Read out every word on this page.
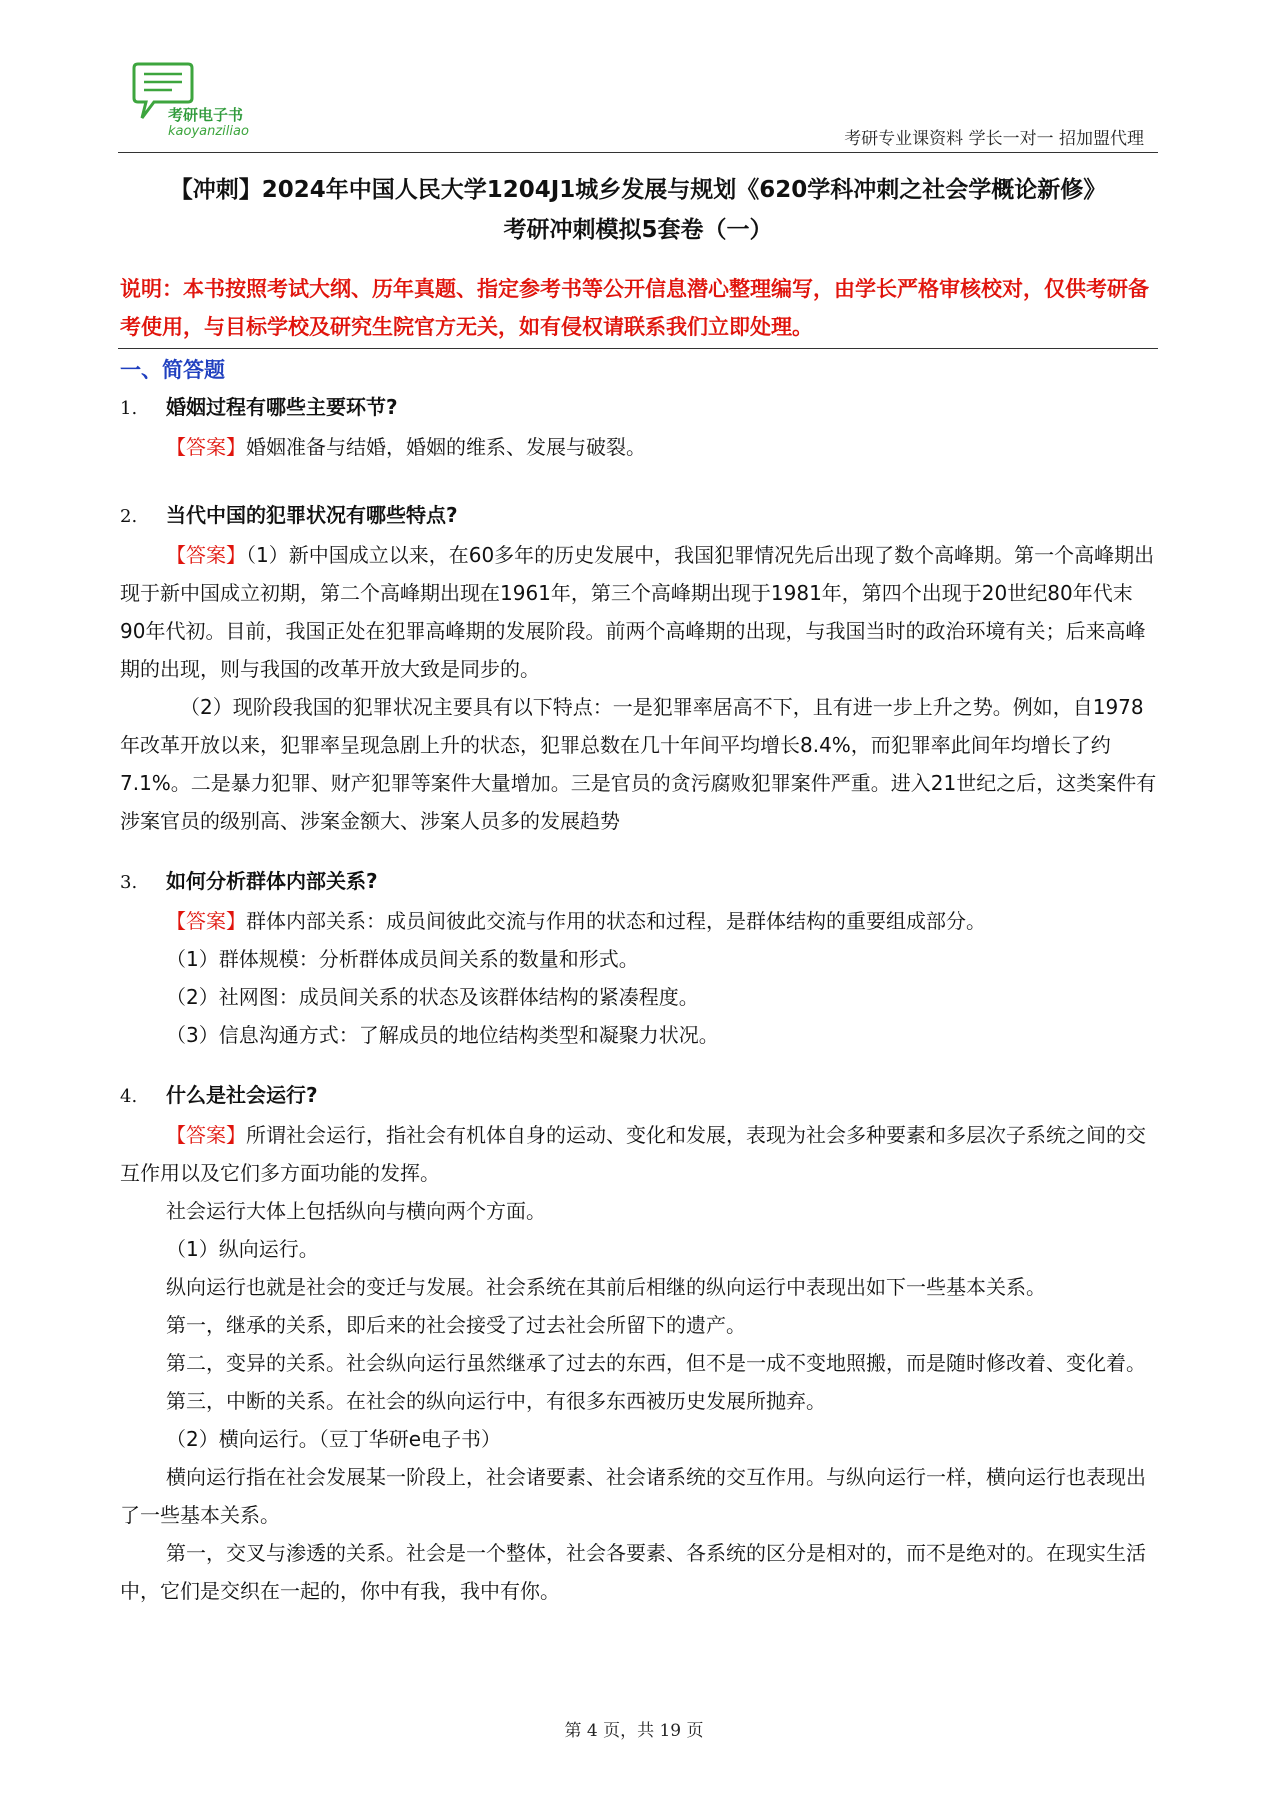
考研电子书
kaoyanziliao	考研专业课资料 学长一对一 招加盟代理
【冲刺】2024年中国人民大学1204J1城乡发展与规划《620学科冲刺之社会学概论新修》
考研冲刺模拟5套卷（一）
说明：本书按照考试大纲、历年真题、指定参考书等公开信息潜心整理编写，由学长严格审核校对，仅供考研备考使用，与目标学校及研究生院官方无关，如有侵权请联系我们立即处理。
一、简答题

1. 婚姻过程有哪些主要环节?

【答案】婚姻准备与结婚，婚姻的维系、发展与破裂。

2. 当代中国的犯罪状况有哪些特点?

【答案】（1）新中国成立以来，在60多年的历史发展中，我国犯罪情况先后出现了数个高峰期。第一个高峰期出现于新中国成立初期，第二个高峰期出现在1961年，第三个高峰期出现于1981年，第四个出现于20世纪80年代末90年代初。目前，我国正处在犯罪高峰期的发展阶段。前两个高峰期的出现，与我国当时的政治环境有关；后来高峰期的出现，则与我国的改革开放大致是同步的。

（2）现阶段我国的犯罪状况主要具有以下特点：一是犯罪率居高不下，且有进一步上升之势。例如，自1978年改革开放以来，犯罪率呈现急剧上升的状态，犯罪总数在几十年间平均增长8.4%，而犯罪率此间年均增长了约7.1%。二是暴力犯罪、财产犯罪等案件大量增加。三是官员的贪污腐败犯罪案件严重。进入21世纪之后，这类案件有涉案官员的级别高、涉案金额大、涉案人员多的发展趋势

3. 如何分析群体内部关系?

【答案】群体内部关系：成员间彼此交流与作用的状态和过程，是群体结构的重要组成部分。

（1）群体规模：分析群体成员间关系的数量和形式。

（2）社网图：成员间关系的状态及该群体结构的紧凑程度。

（3）信息沟通方式：了解成员的地位结构类型和凝聚力状况。

4. 什么是社会运行?

【答案】所谓社会运行，指社会有机体自身的运动、变化和发展，表现为社会多种要素和多层次子系统之间的交互作用以及它们多方面功能的发挥。

社会运行大体上包括纵向与横向两个方面。

（1）纵向运行。

纵向运行也就是社会的变迁与发展。社会系统在其前后相继的纵向运行中表现出如下一些基本关系。

第一，继承的关系，即后来的社会接受了过去社会所留下的遗产。

第二，变异的关系。社会纵向运行虽然继承了过去的东西，但不是一成不变地照搬，而是随时修改着、变化着。

第三，中断的关系。在社会的纵向运行中，有很多东西被历史发展所抛弃。

（2）横向运行。（豆丁华研e电子书）

横向运行指在社会发展某一阶段上，社会诸要素、社会诸系统的交互作用。与纵向运行一样，横向运行也表现出了一些基本关系。

第一，交叉与渗透的关系。社会是一个整体，社会各要素、各系统的区分是相对的，而不是绝对的。在现实生活中，它们是交织在一起的，你中有我，我中有你。

第 4 页，共 19 页
